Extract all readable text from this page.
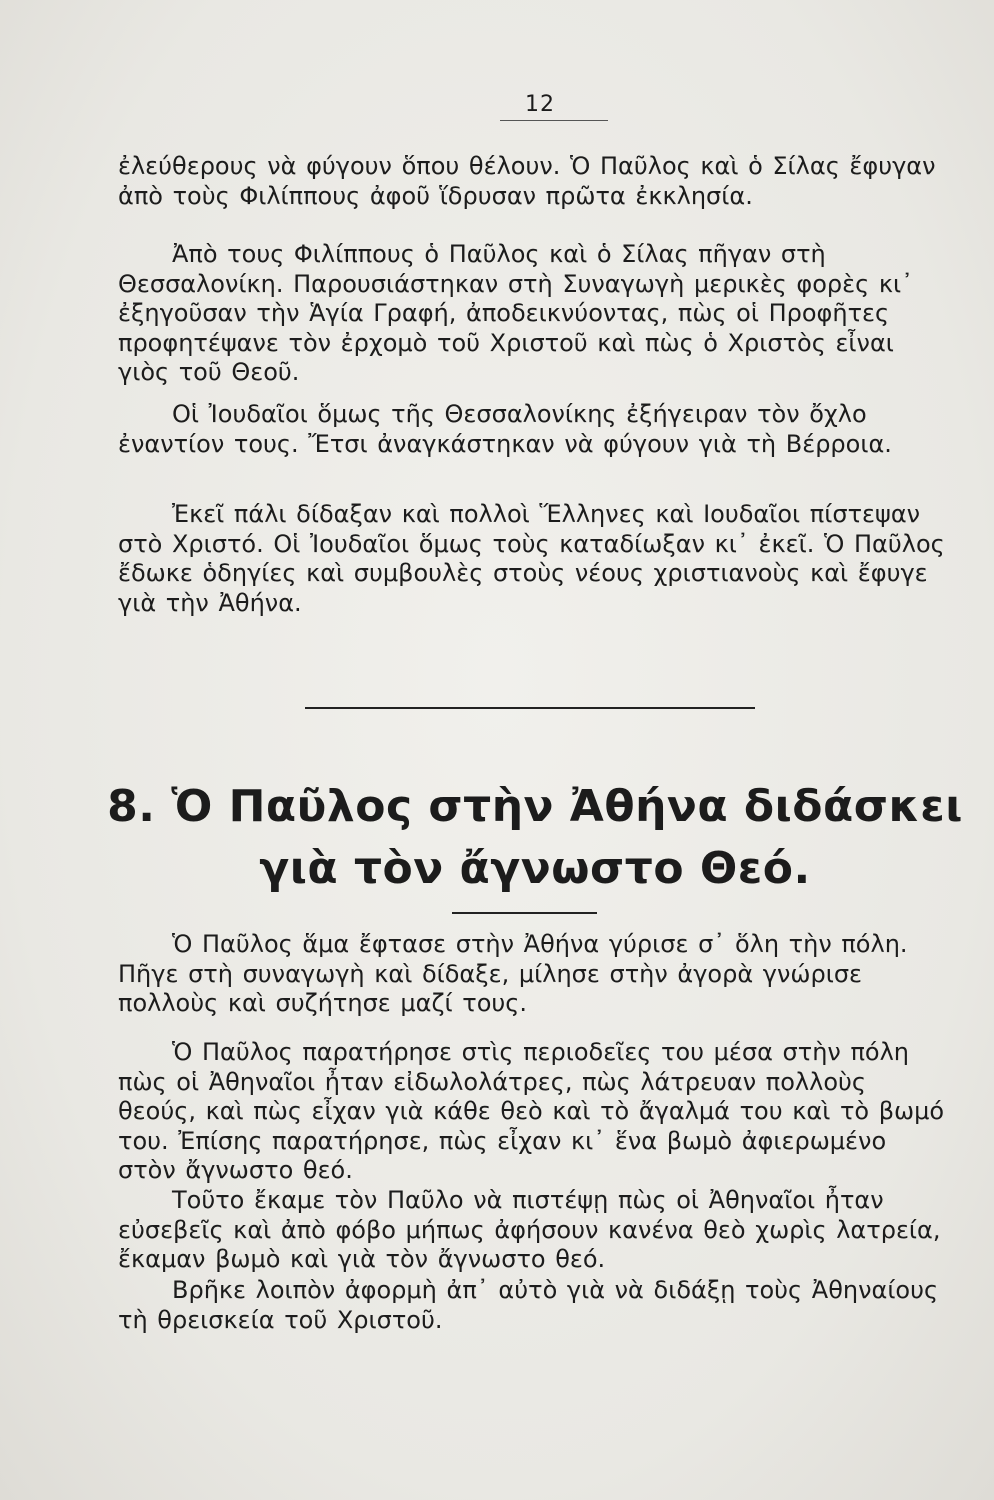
12

ἐλεύθερους νὰ φύγουν ὅπου θέλουν. Ὁ Παῦλος καὶ ὁ Σίλας ἔφυγαν ἀπὸ τοὺς Φιλίππους ἀφοῦ ἵδρυσαν πρῶτα ἐκκλησία.

Ἀπὸ τους Φιλίππους ὁ Παῦλος καὶ ὁ Σίλας πῆγαν στὴ Θεσσαλονίκη. Παρουσιάστηκαν στὴ Συναγωγὴ μερικὲς φορὲς κι᾽ ἐξηγοῦσαν τὴν Ἁγία Γραφή, ἀποδεικνύοντας, πὼς οἱ Προφῆτες προφητέψανε τὸν ἐρχομὸ τοῦ Χριστοῦ καὶ πὼς ὁ Χριστὸς εἶναι γιὸς τοῦ Θεοῦ.

Οἱ Ἰουδαῖοι ὅμως τῆς Θεσσαλονίκης ἐξήγειραν τὸν ὄχλο ἐναντίον τους. Ἔτσι ἀναγκάστηκαν νὰ φύγουν γιὰ τὴ Βέρροια.

Ἐκεῖ πάλι δίδαξαν καὶ πολλοὶ Ἕλληνες καὶ Ιουδαῖοι πίστεψαν στὸ Χριστό. Οἱ Ἰουδαῖοι ὅμως τοὺς καταδίωξαν κι᾽ ἐκεῖ. Ὁ Παῦλος ἔδωκε ὁδηγίες καὶ συμβουλὲς στοὺς νέους χριστιανοὺς καὶ ἔφυγε γιὰ τὴν Ἀθήνα.

8. Ὁ Παῦλος στὴν Ἀθήνα διδάσκει
γιὰ τὸν ἄγνωστο Θεό.

Ὁ Παῦλος ἅμα ἔφτασε στὴν Ἀθήνα γύρισε σ᾽ ὅλη τὴν πόλη. Πῆγε στὴ συναγωγὴ καὶ δίδαξε, μίλησε στὴν ἀγορὰ γνώρισε πολλοὺς καὶ συζήτησε μαζί τους.

Ὁ Παῦλος παρατήρησε στὶς περιοδεῖες του μέσα στὴν πόλη πὼς οἱ Ἀθηναῖοι ἦταν εἰδωλολάτρες, πὼς λάτρευαν πολλοὺς θεούς, καὶ πὼς εἶχαν γιὰ κάθε θεὸ καὶ τὸ ἄγαλμά του καὶ τὸ βωμό του. Ἐπίσης παρατήρησε, πὼς εἶχαν κι᾽ ἕνα βωμὸ ἀφιερωμένο στὸν ἄγνωστο θεό.

Τοῦτο ἔκαμε τὸν Παῦλο νὰ πιστέψῃ πὼς οἱ Ἀθηναῖοι ἦταν εὐσεβεῖς καὶ ἀπὸ φόβο μήπως ἀφήσουν κανένα θεὸ χωρὶς λατρεία, ἔκαμαν βωμὸ καὶ γιὰ τὸν ἄγνωστο θεό.

Βρῆκε λοιπὸν ἀφορμὴ ἀπ᾽ αὐτὸ γιὰ νὰ διδάξῃ τοὺς Ἀθηναίους τὴ θρεισκεία τοῦ Χριστοῦ.
